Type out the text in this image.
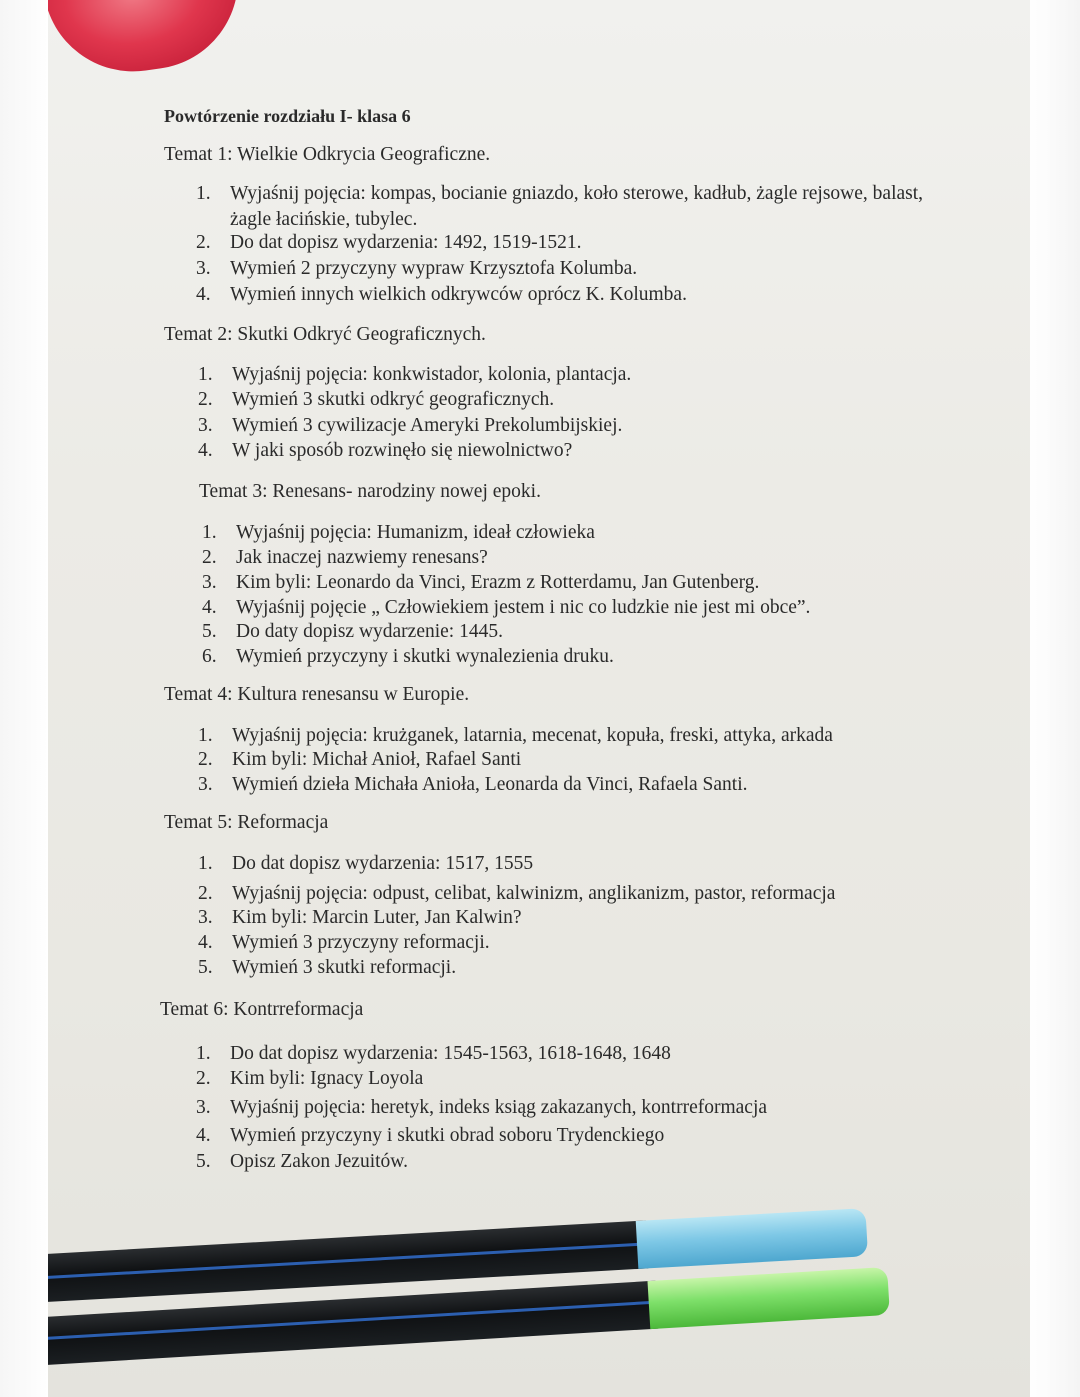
Powtórzenie rozdziału I- klasa 6

Temat 1: Wielkie Odkrycia Geograficzne.

1. Wyjaśnij pojęcia: kompas, bocianie gniazdo, koło sterowe, kadłub, żagle rejsowe, balast, żagle łacińskie, tubylec.

2. Do dat dopisz wydarzenia: 1492, 1519-1521.

3. Wymień 2 przyczyny wypraw Krzysztofa Kolumba.

4. Wymień innych wielkich odkrywców oprócz K. Kolumba.

Temat 2: Skutki Odkryć Geograficznych.

1. Wyjaśnij pojęcia: konkwistador, kolonia, plantacja.

2. Wymień 3 skutki odkryć geograficznych.

3. Wymień 3 cywilizacje Ameryki Prekolumbijskiej.

4. W jaki sposób rozwinęło się niewolnictwo?

Temat 3: Renesans- narodziny nowej epoki.

1. Wyjaśnij pojęcia: Humanizm, ideał człowieka

2. Jak inaczej nazwiemy renesans?

3. Kim byli: Leonardo da Vinci, Erazm z Rotterdamu, Jan Gutenberg.

4. Wyjaśnij pojęcie „ Człowiekiem jestem i nic co ludzkie nie jest mi obce”.

5. Do daty dopisz wydarzenie: 1445.

6. Wymień przyczyny i skutki wynalezienia druku.

Temat 4: Kultura renesansu w Europie.

1. Wyjaśnij pojęcia: krużganek, latarnia, mecenat, kopuła, freski, attyka, arkada

2. Kim byli: Michał Anioł, Rafael Santi

3. Wymień dzieła Michała Anioła, Leonarda da Vinci, Rafaela Santi.

Temat 5: Reformacja

1. Do dat dopisz wydarzenia: 1517, 1555

2. Wyjaśnij pojęcia: odpust, celibat, kalwinizm, anglikanizm, pastor, reformacja

3. Kim byli: Marcin Luter, Jan Kalwin?

4. Wymień 3 przyczyny reformacji.

5. Wymień 3 skutki reformacji.

Temat 6: Kontrreformacja

1. Do dat dopisz wydarzenia: 1545-1563, 1618-1648, 1648

2. Kim byli: Ignacy Loyola

3. Wyjaśnij pojęcia: heretyk, indeks ksiąg zakazanych, kontrreformacja

4. Wymień przyczyny i skutki obrad soboru Trydenckiego

5. Opisz Zakon Jezuitów.
